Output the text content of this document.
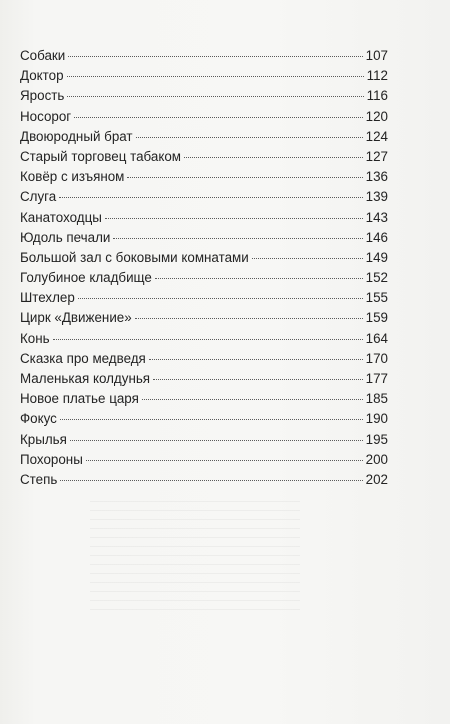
Собаки	107
Доктор	112
Ярость	116
Носорог	120
Двоюродный брат	124
Старый торговец табаком	127
Ковёр с изъяном	136
Слуга	139
Канатоходцы	143
Юдоль печали	146
Большой зал с боковыми комнатами	149
Голубиное кладбище	152
Штехлер	155
Цирк «Движение»	159
Конь	164
Сказка про медведя	170
Маленькая колдунья	177
Новое платье царя	185
Фокус	190
Крылья	195
Похороны	200
Степь	202
